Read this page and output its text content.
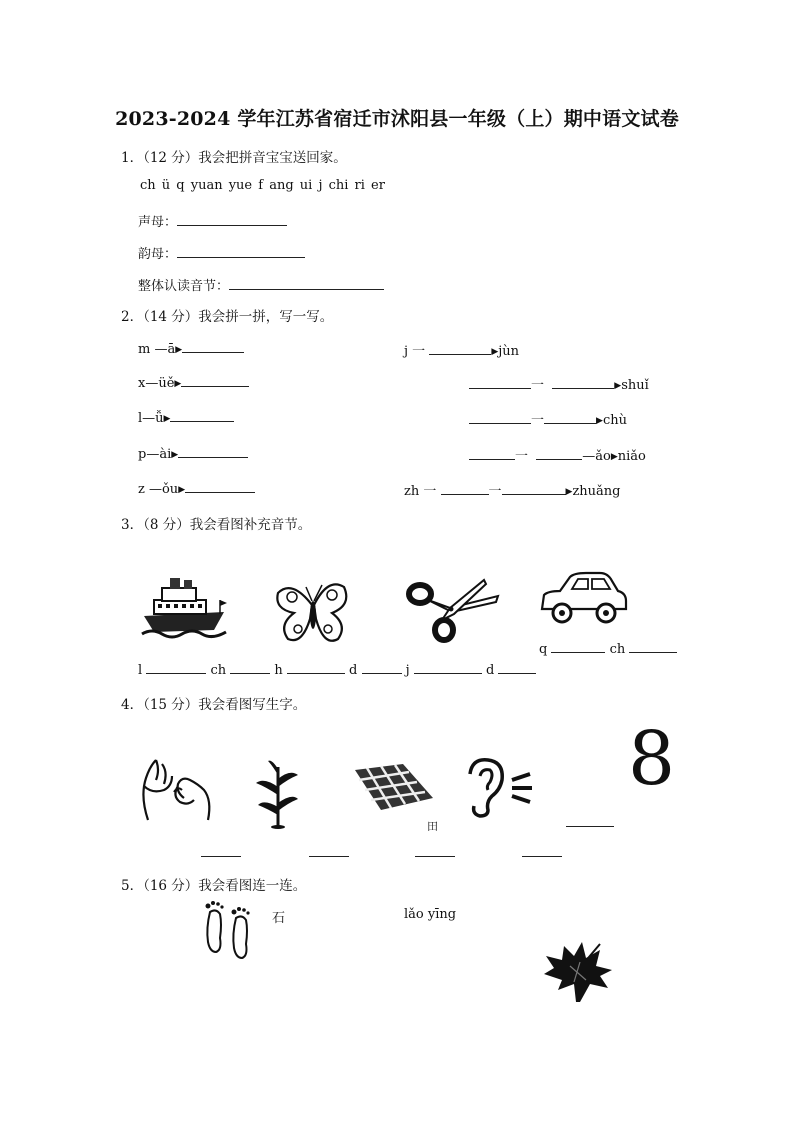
2023-2024 学年江苏省宿迁市沭阳县一年级（上）期中语文试卷
1．（12 分）我会把拼音宝宝送回家。
ch ü q yuan yue f ang ui j chi ri er
声母：
韵母：
整体认读音节：
2．（14 分）我会拼一拼，写一写。
m —ā▶
x—üě▶
l—ǚ▶
p—ài▶
z —ǒu▶
j 一	▶jùn
一	▶shuǐ
一	▶chù
一	—ǎo▶niǎo
zh 一	一	▶zhuǎng
3．（8 分）我会看图补充音节。
q	ch
l	ch	h	d	j	d
4．（15 分）我会看图写生字。
田
8
5．（16 分）我会看图连一连。
石	lǎo yīng
